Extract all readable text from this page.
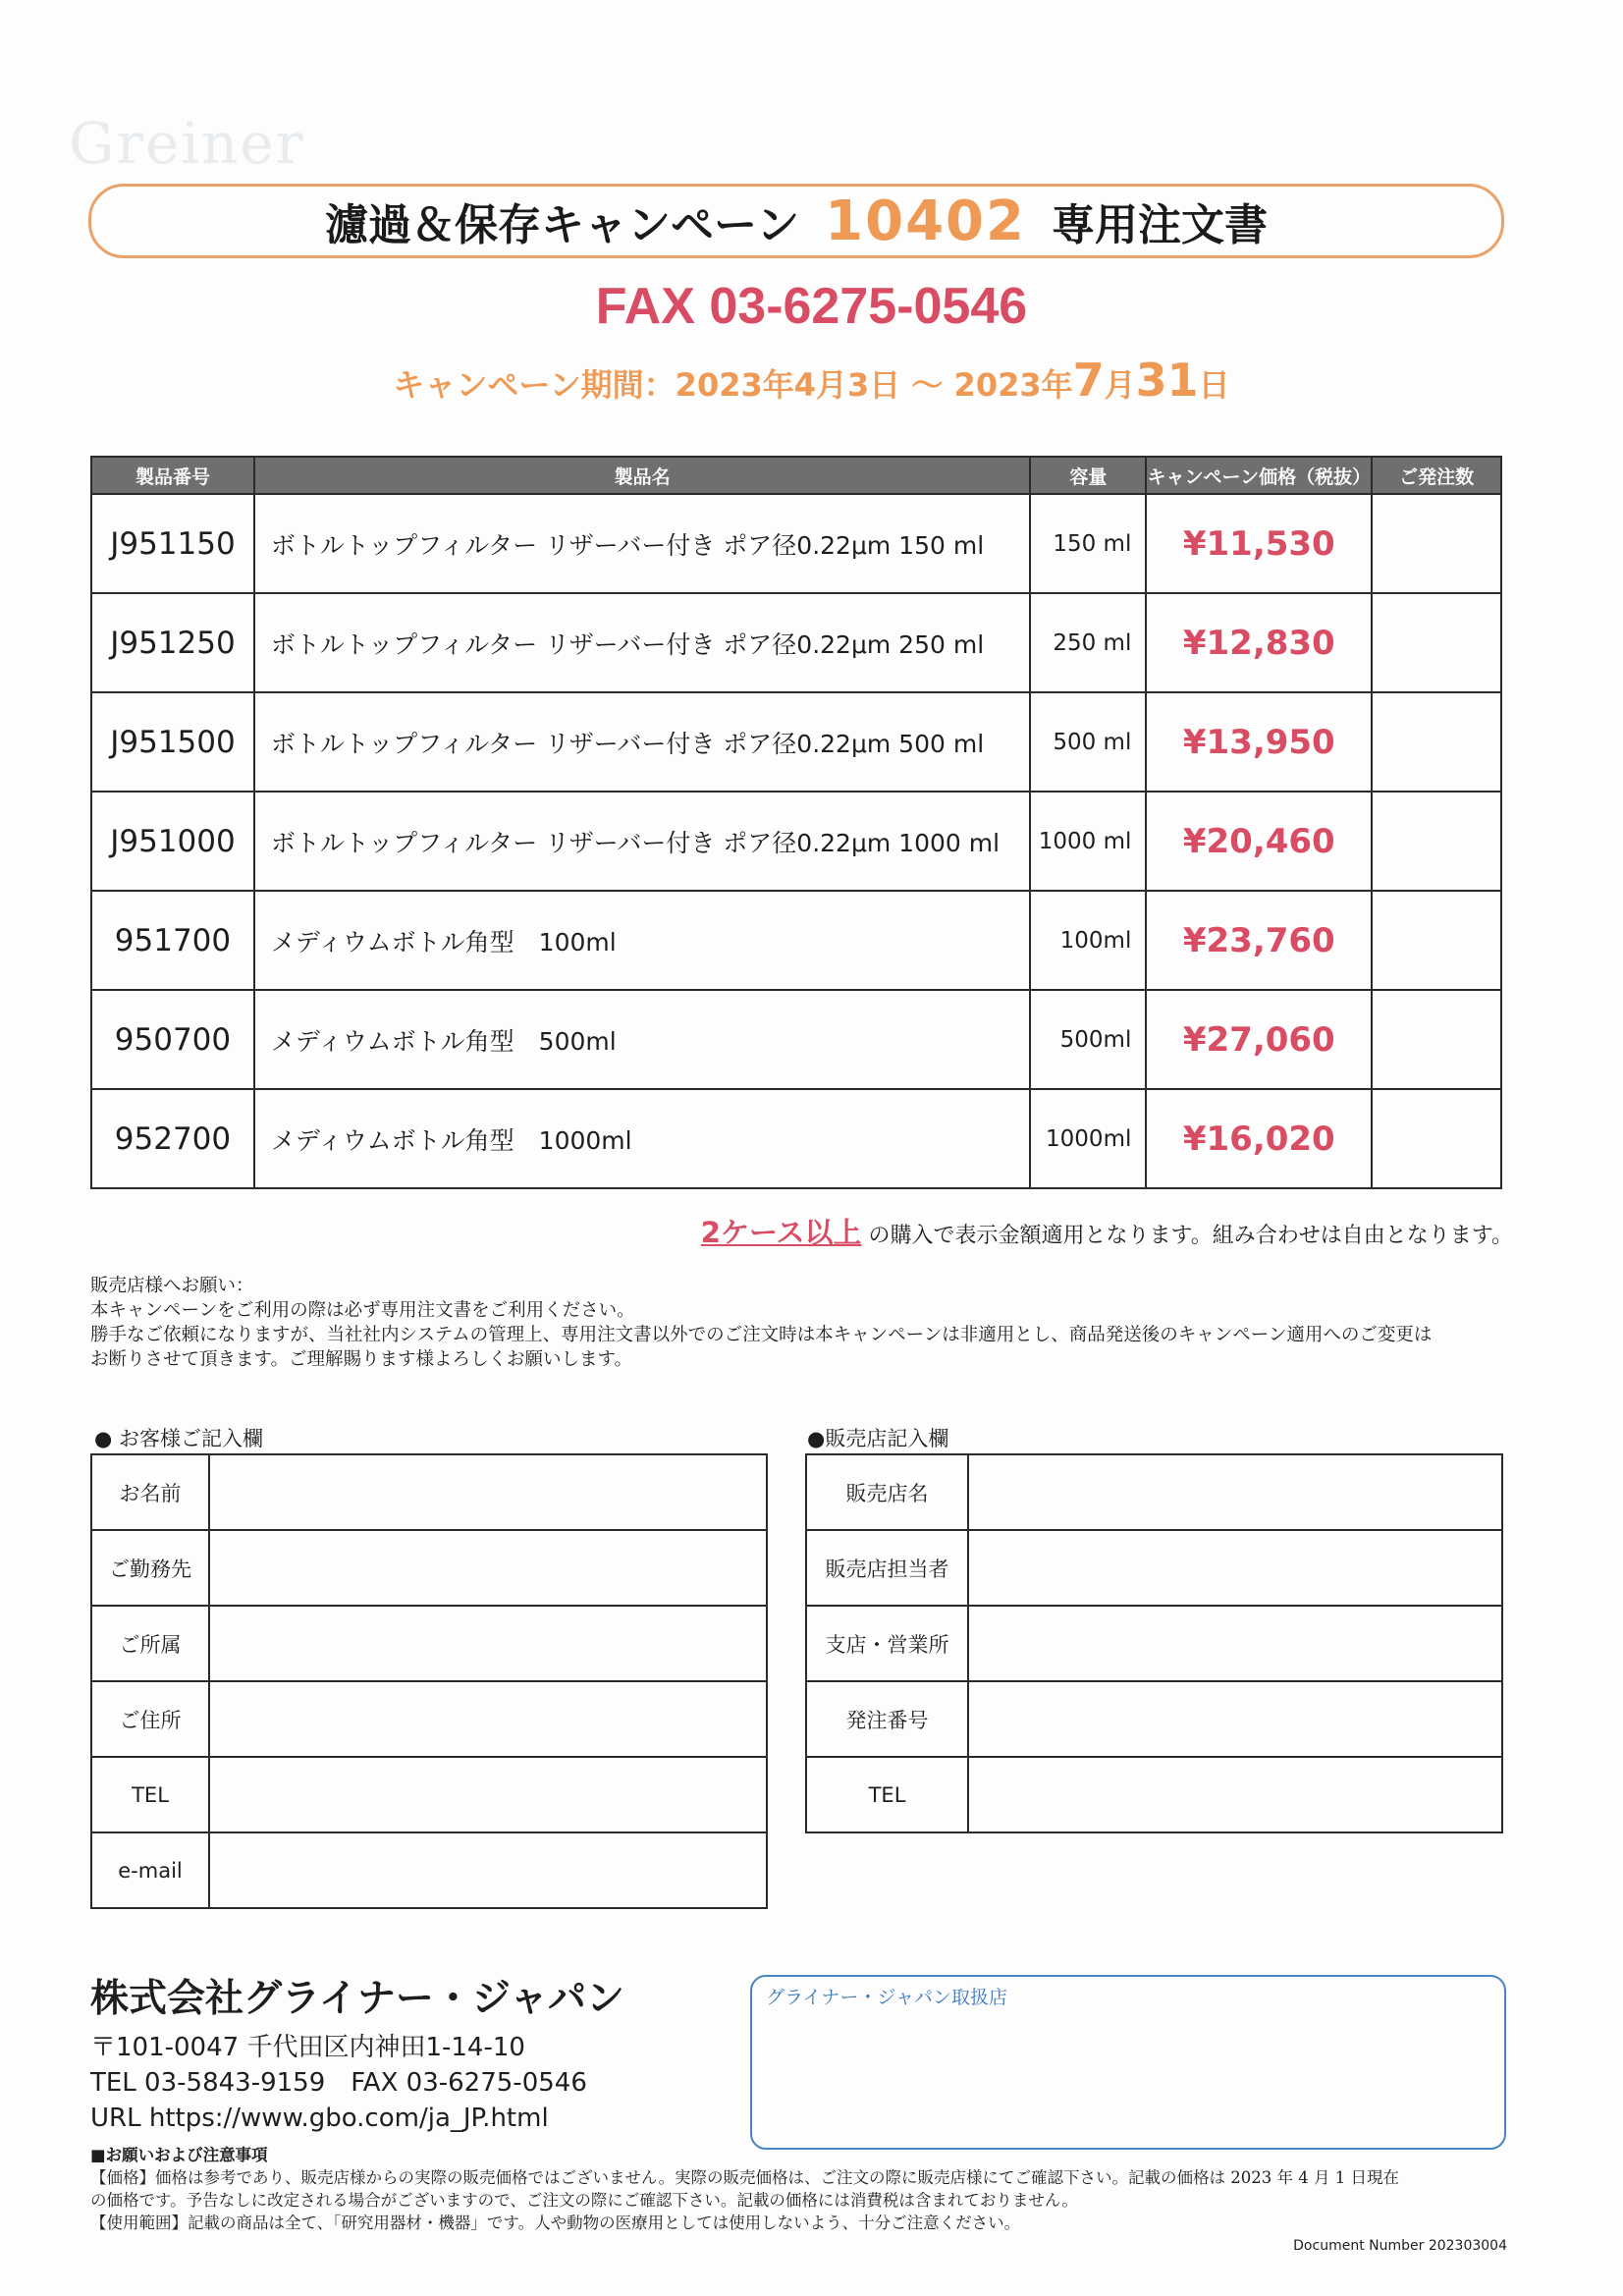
Greiner
濾過＆保存キャンペーン 10402 専用注文書
FAX 03-6275-0546
キャンペーン期間：2023年4月3日 ～ 2023年7月31日
製品番号	製品名	容量	キャンペーン価格（税抜）	ご発注数
J951150	ボトルトップフィルター リザーバー付き ポア径0.22μm 150 ml	150 ml	¥11,530	
J951250	ボトルトップフィルター リザーバー付き ポア径0.22μm 250 ml	250 ml	¥12,830	
J951500	ボトルトップフィルター リザーバー付き ポア径0.22μm 500 ml	500 ml	¥13,950	
J951000	ボトルトップフィルター リザーバー付き ポア径0.22μm 1000 ml	1000 ml	¥20,460	
951700	メディウムボトル角型　100ml	100ml	¥23,760	
950700	メディウムボトル角型　500ml	500ml	¥27,060	
952700	メディウムボトル角型　1000ml	1000ml	¥16,020	
2ケース以上 の購入で表示金額適用となります。組み合わせは自由となります。
販売店様へお願い：
本キャンペーンをご利用の際は必ず専用注文書をご利用ください。
勝手なご依頼になりますが、当社社内システムの管理上、専用注文書以外でのご注文時は本キャンペーンは非適用とし、商品発送後のキャンペーン適用へのご変更は
お断りさせて頂きます。ご理解賜ります様よろしくお願いします。
● お客様ご記入欄
お名前	
ご勤務先	
ご所属	
ご住所	
TEL	
e-mail	
●販売店記入欄
販売店名	
販売店担当者	
支店・営業所	
発注番号	
TEL	
株式会社グライナー・ジャパン
〒101-0047 千代田区内神田1-14-10
TEL 03-5843-9159　FAX 03-6275-0546
URL https://www.gbo.com/ja_JP.html
グライナー・ジャパン取扱店
■お願いおよび注意事項
【価格】価格は参考であり、販売店様からの実際の販売価格ではございません。実際の販売価格は、ご注文の際に販売店様にてご確認下さい。記載の価格は 2023 年 4 月 1 日現在
の価格です。予告なしに改定される場合がございますので、ご注文の際にご確認下さい。記載の価格には消費税は含まれておりません。
【使用範囲】記載の商品は全て、「研究用器材・機器」です。人や動物の医療用としては使用しないよう、十分ご注意ください。
Document Number 202303004
